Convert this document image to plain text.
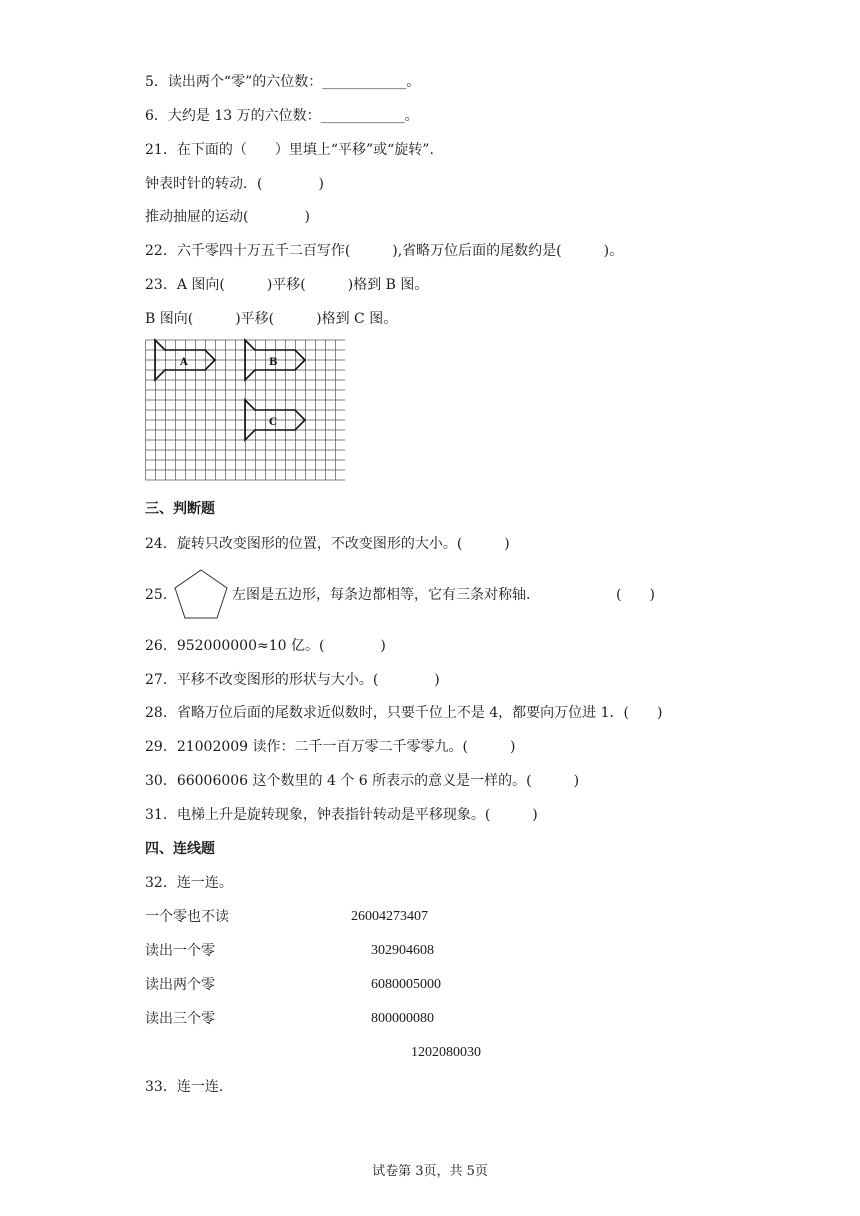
5．读出两个“零”的六位数：____________。
6．大约是 13 万的六位数：____________。
21．在下面的（　　）里填上“平移”或“旋转”.
钟表时针的转动．(　　　　)
推动抽屉的运动(　　　　)
22．六千零四十万五千二百写作(　　　),省略万位后面的尾数约是(　　　)。
23．A 图向(　　　)平移(　　　)格到 B 图。
B 图向(　　　)平移(　　　)格到 C 图。
A	B
C
三、判断题
24．旋转只改变图形的位置，不改变图形的大小。(　　　)
25．	左图是五边形，每条边都相等，它有三条对称轴.	(　　)
26．952000000≈10 亿。(　　　　)
27．平移不改变图形的形状与大小。(　　　　)
28．省略万位后面的尾数求近似数时，只要千位上不是 4，都要向万位进 1．(　　)
29．21002009 读作：二千一百万零二千零零九。(　　　)
30．66006006 这个数里的 4 个 6 所表示的意义是一样的。(　　　)
31．电梯上升是旋转现象，钟表指针转动是平移现象。(　　　)
四、连线题
32．连一连。
一个零也不读
读出一个零
读出两个零
读出三个零
26004273407
302904608
6080005000
800000080
1202080030
33．连一连.
试卷第 3页，共 5页
